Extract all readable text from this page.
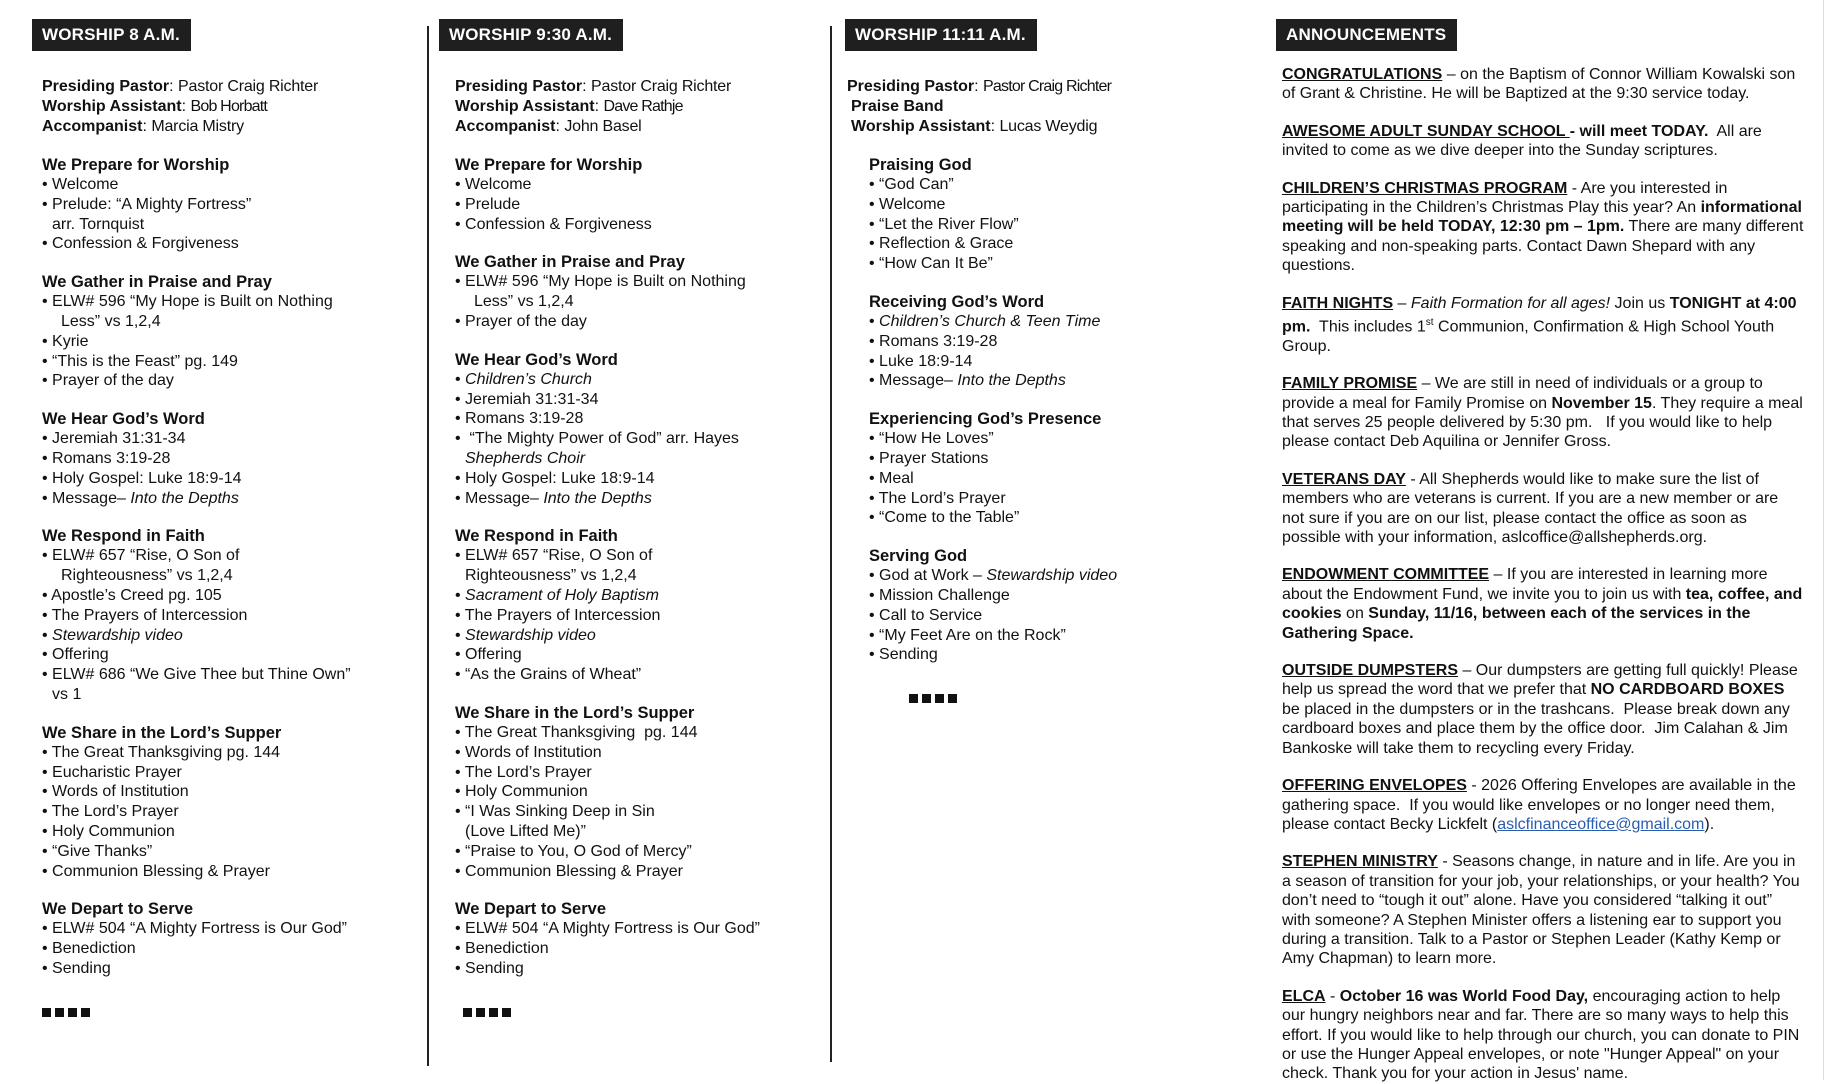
WORSHIP 8 A.M.
Presiding Pastor: Pastor Craig Richter
Worship Assistant: Bob Horbatt
Accompanist: Marcia Mistry
We Prepare for Worship
• Welcome
• Prelude: “A Mighty Fortress”
arr. Tornquist
• Confession & Forgiveness
We Gather in Praise and Pray
• ELW# 596 “My Hope is Built on Nothing
Less” vs 1,2,4
• Kyrie
• “This is the Feast” pg. 149
• Prayer of the day
We Hear God’s Word
• Jeremiah 31:31-34
• Romans 3:19-28
• Holy Gospel: Luke 18:9-14
• Message– Into the Depths
We Respond in Faith
• ELW# 657 “Rise, O Son of
Righteousness” vs 1,2,4
• Apostle’s Creed pg. 105
• The Prayers of Intercession
• Stewardship video
• Offering
• ELW# 686 “We Give Thee but Thine Own”
vs 1
We Share in the Lord’s Supper
• The Great Thanksgiving pg. 144
• Eucharistic Prayer
• Words of Institution
• The Lord’s Prayer
• Holy Communion
• “Give Thanks”
• Communion Blessing & Prayer
We Depart to Serve
• ELW# 504 “A Mighty Fortress is Our God”
• Benediction
• Sending
WORSHIP 9:30 A.M.
Presiding Pastor: Pastor Craig Richter
Worship Assistant: Dave Rathje
Accompanist: John Basel
We Prepare for Worship
• Welcome
• Prelude
• Confession & Forgiveness
We Gather in Praise and Pray
• ELW# 596 “My Hope is Built on Nothing
Less” vs 1,2,4
• Prayer of the day
We Hear God’s Word
• Children’s Church
• Jeremiah 31:31-34
• Romans 3:19-28
•  “The Mighty Power of God” arr. Hayes
Shepherds Choir
• Holy Gospel: Luke 18:9-14
• Message– Into the Depths
We Respond in Faith
• ELW# 657 “Rise, O Son of
Righteousness” vs 1,2,4
• Sacrament of Holy Baptism
• The Prayers of Intercession
• Stewardship video
• Offering
• “As the Grains of Wheat”
We Share in the Lord’s Supper
• The Great Thanksgiving  pg. 144
• Words of Institution
• The Lord’s Prayer
• Holy Communion
• “I Was Sinking Deep in Sin
(Love Lifted Me)”
• “Praise to You, O God of Mercy”
• Communion Blessing & Prayer
We Depart to Serve
• ELW# 504 “A Mighty Fortress is Our God”
• Benediction
• Sending
WORSHIP 11:11 A.M.
Presiding Pastor: Pastor Craig Richter
Praise Band
Worship Assistant: Lucas Weydig
Praising God
• “God Can”
• Welcome
• “Let the River Flow”
• Reflection & Grace
• “How Can It Be”
Receiving God’s Word
• Children’s Church & Teen Time
• Romans 3:19-28
• Luke 18:9-14
• Message– Into the Depths
Experiencing God’s Presence
• “How He Loves”
• Prayer Stations
• Meal
• The Lord’s Prayer
• “Come to the Table”
Serving God
• God at Work – Stewardship video
• Mission Challenge
• Call to Service
• “My Feet Are on the Rock”
• Sending
ANNOUNCEMENTS
CONGRATULATIONS – on the Baptism of Connor William Kowalski son of Grant & Christine. He will be Baptized at the 9:30 service today.
AWESOME ADULT SUNDAY SCHOOL - will meet TODAY.  All are invited to come as we dive deeper into the Sunday scriptures.
CHILDREN’S CHRISTMAS PROGRAM - Are you interested in participating in the Children’s Christmas Play this year? An informational meeting will be held TODAY, 12:30 pm – 1pm. There are many different speaking and non-speaking parts. Contact Dawn Shepard with any questions.
FAITH NIGHTS – Faith Formation for all ages! Join us TONIGHT at 4:00 pm.  This includes 1st Communion, Confirmation & High School Youth Group.
FAMILY PROMISE – We are still in need of individuals or a group to provide a meal for Family Promise on November 15. They require a meal that serves 25 people delivered by 5:30 pm.   If you would like to help please contact Deb Aquilina or Jennifer Gross.
VETERANS DAY - All Shepherds would like to make sure the list of members who are veterans is current. If you are a new member or are not sure if you are on our list, please contact the office as soon as possible with your information, aslcoffice@allshepherds.org.
ENDOWMENT COMMITTEE – If you are interested in learning more about the Endowment Fund, we invite you to join us with tea, coffee, and cookies on Sunday, 11/16, between each of the services in the Gathering Space.
OUTSIDE DUMPSTERS – Our dumpsters are getting full quickly! Please help us spread the word that we prefer that NO CARDBOARD BOXES be placed in the dumpsters or in the trashcans.  Please break down any cardboard boxes and place them by the office door.  Jim Calahan & Jim Bankoske will take them to recycling every Friday.
OFFERING ENVELOPES - 2026 Offering Envelopes are available in the gathering space.  If you would like envelopes or no longer need them, please contact Becky Lickfelt (aslcfinanceoffice@gmail.com).
STEPHEN MINISTRY - Seasons change, in nature and in life. Are you in a season of transition for your job, your relationships, or your health? You don’t need to “tough it out” alone. Have you considered “talking it out” with someone? A Stephen Minister offers a listening ear to support you during a transition. Talk to a Pastor or Stephen Leader (Kathy Kemp or Amy Chapman) to learn more.
ELCA - October 16 was World Food Day, encouraging action to help our hungry neighbors near and far. There are so many ways to help this effort. If you would like to help through our church, you can donate to PIN or use the Hunger Appeal envelopes, or note "Hunger Appeal" on your check. Thank you for your action in Jesus' name.
